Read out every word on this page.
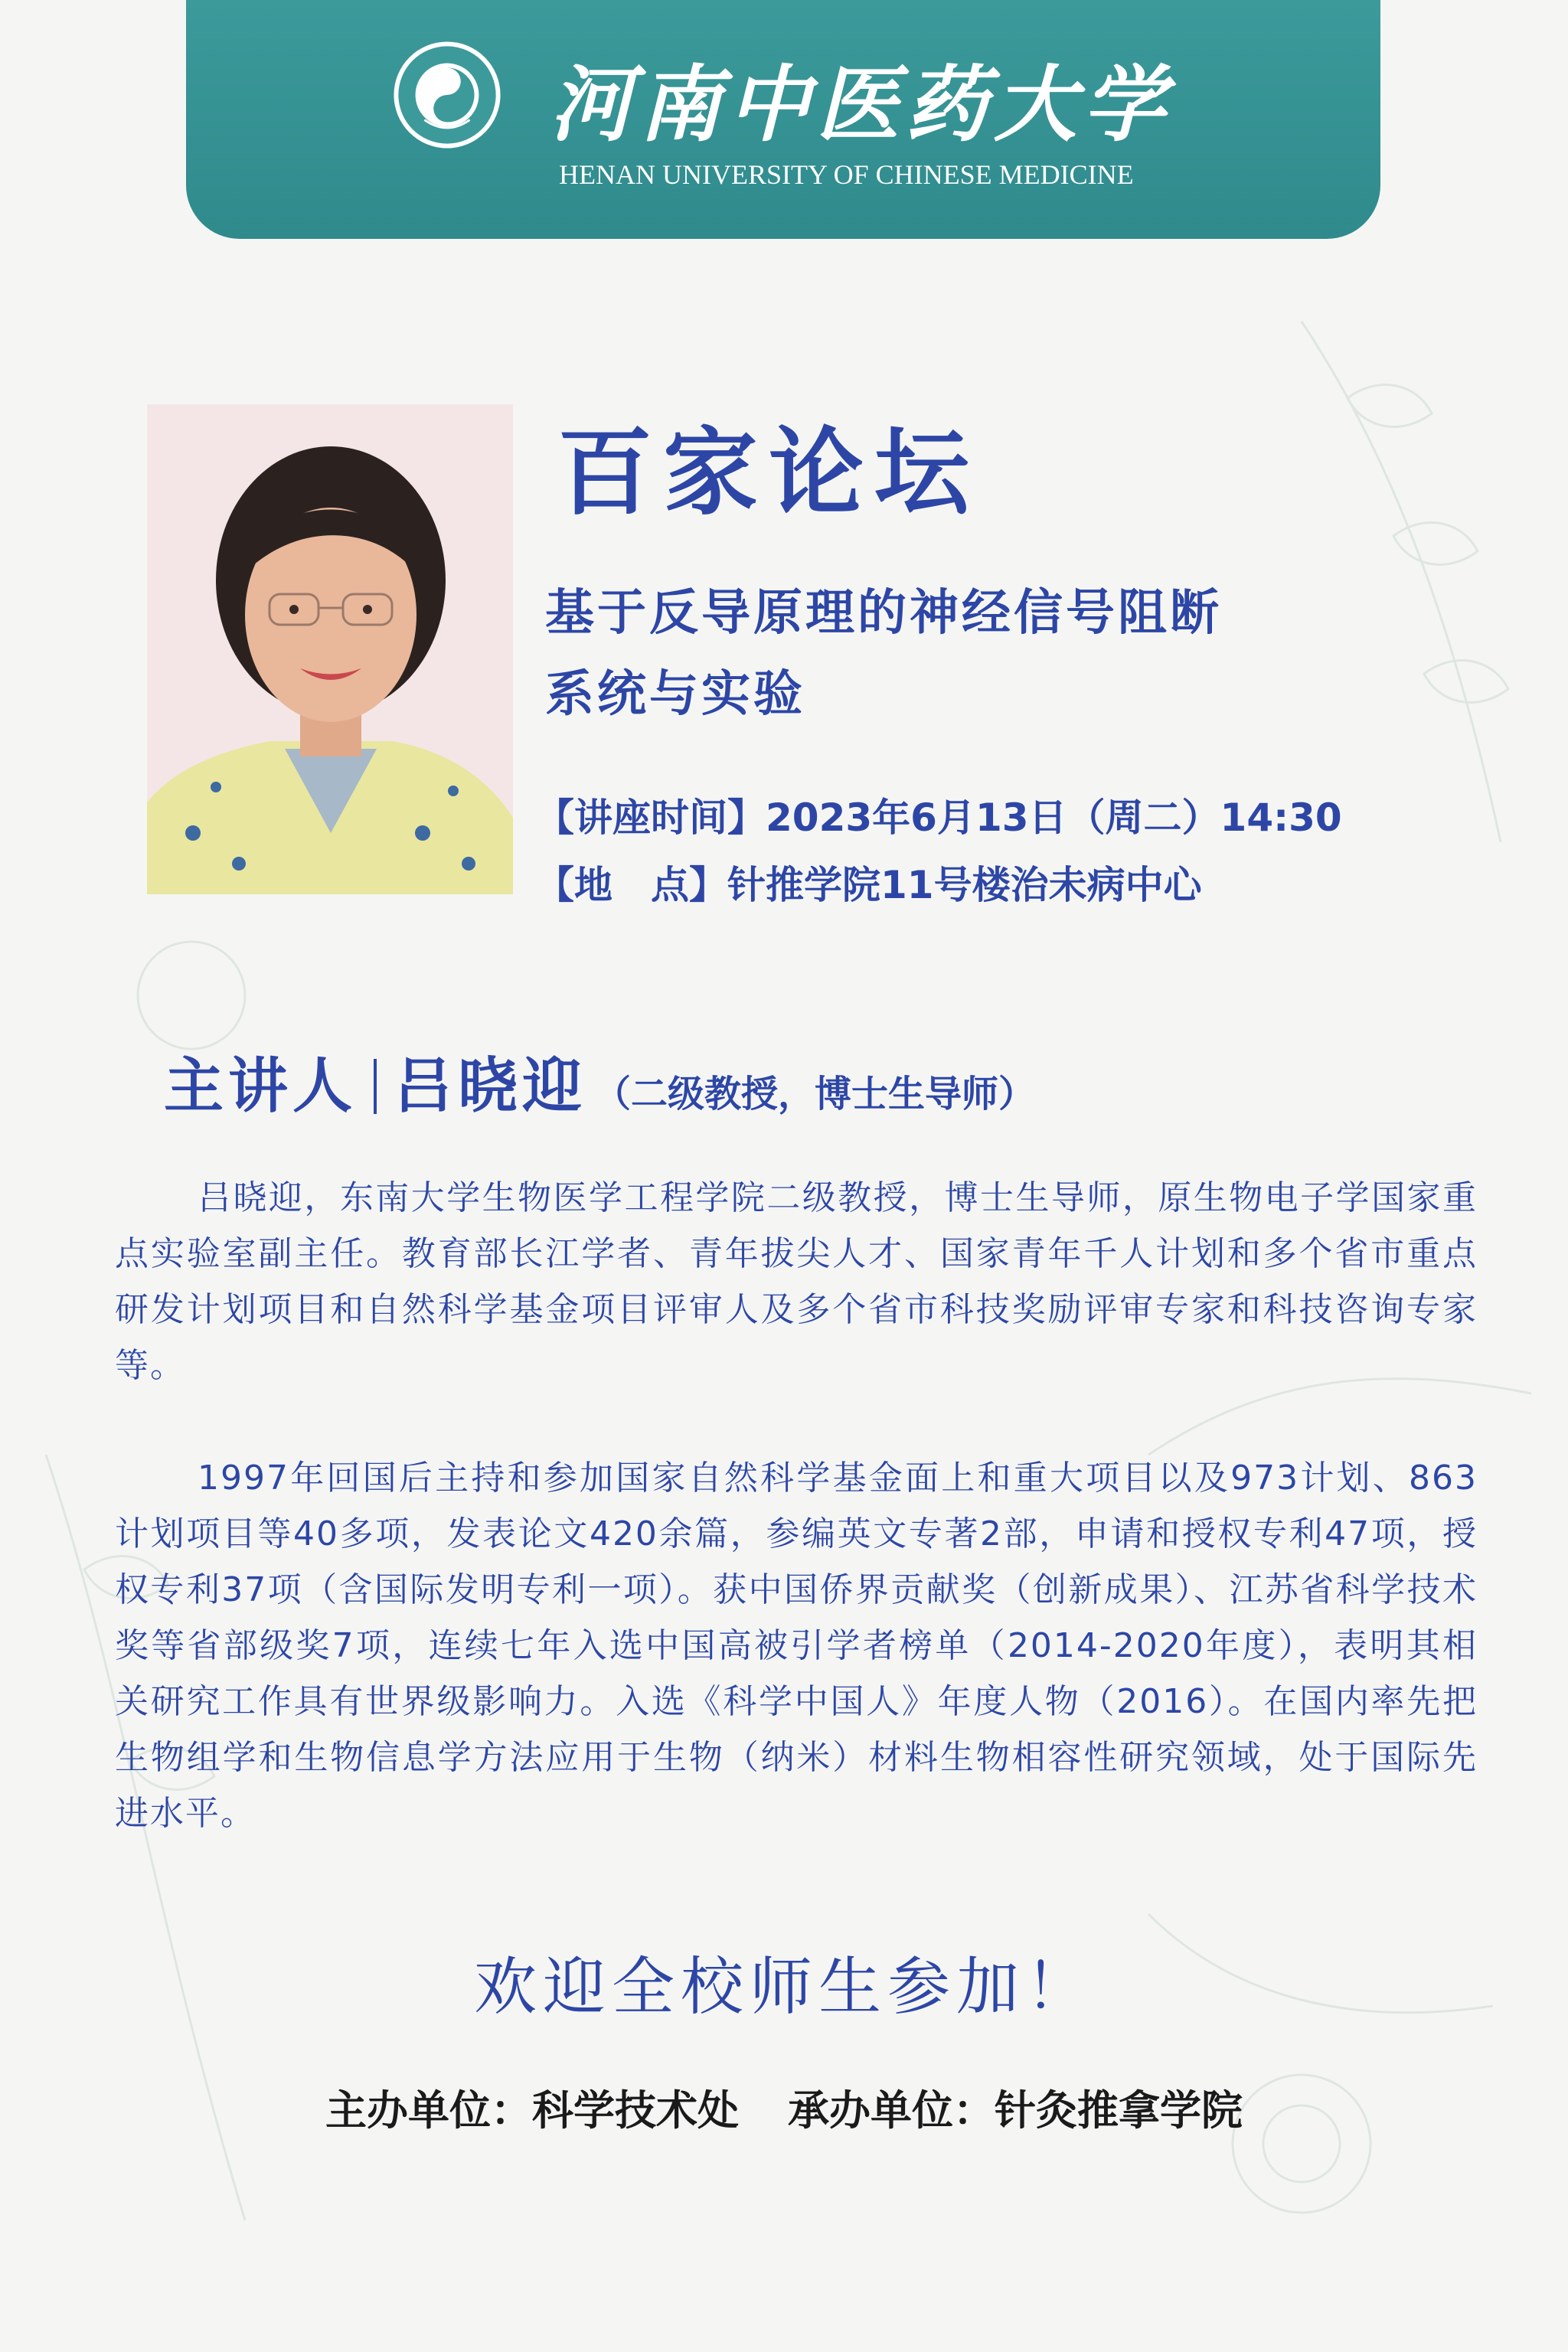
河南中医药大学
HENAN UNIVERSITY OF CHINESE MEDICINE
百家论坛
基于反导原理的神经信号阻断
系统与实验
【讲座时间】2023年6月13日（周二）14:30
【地　点】针推学院11号楼治未病中心
主讲人 吕晓迎 （二级教授，博士生导师）

吕晓迎，东南大学生物医学工程学院二级教授，博士生导师，原生物电子学国家重点实验室副主任。教育部长江学者、青年拔尖人才、国家青年千人计划和多个省市重点研发计划项目和自然科学基金项目评审人及多个省市科技奖励评审专家和科技咨询专家等。

1997年回国后主持和参加国家自然科学基金面上和重大项目以及973计划、863计划项目等40多项，发表论文420余篇，参编英文专著2部，申请和授权专利47项，授权专利37项（含国际发明专利一项）。获中国侨界贡献奖（创新成果）、江苏省科学技术奖等省部级奖7项，连续七年入选中国高被引学者榜单（2014-2020年度），表明其相关研究工作具有世界级影响力。入选《科学中国人》年度人物（2016）。在国内率先把生物组学和生物信息学方法应用于生物（纳米）材料生物相容性研究领域，处于国际先进水平。

欢迎全校师生参加！
主办单位：科学技术处 承办单位：针灸推拿学院
